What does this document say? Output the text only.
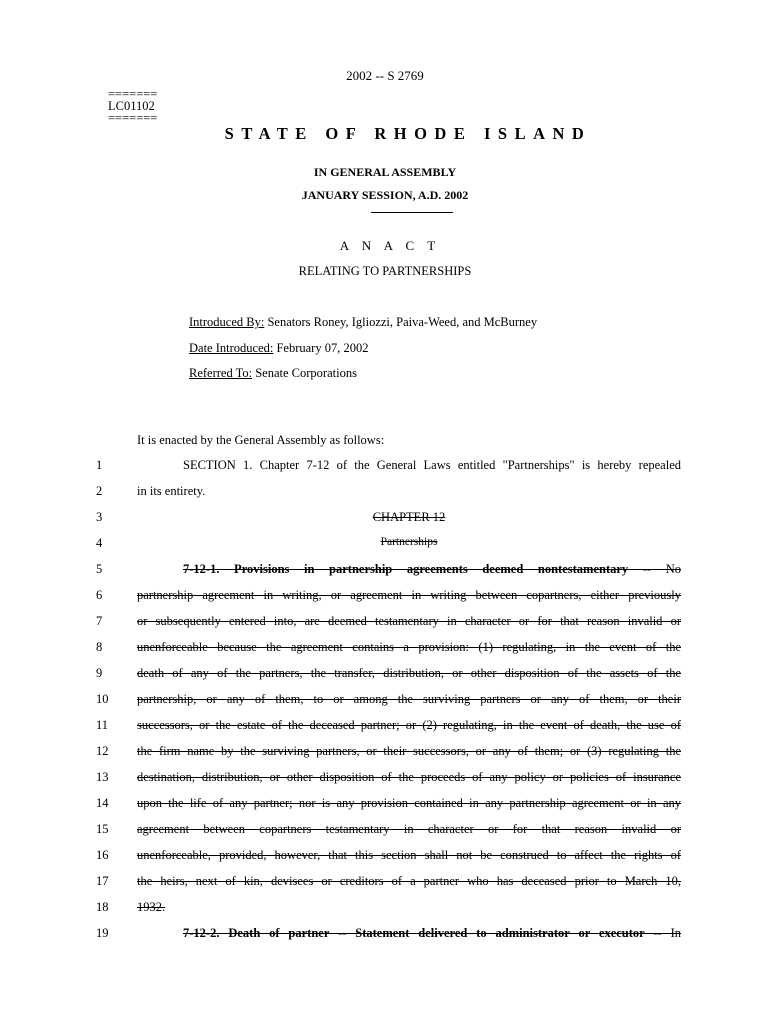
2002 -- S 2769
=======
LC01102
=======
STATE OF RHODE ISLAND
IN GENERAL ASSEMBLY
JANUARY SESSION, A.D. 2002
A N A C T
RELATING TO PARTNERSHIPS
Introduced By: Senators Roney, Igliozzi, Paiva-Weed, and McBurney
Date Introduced: February 07, 2002
Referred To: Senate Corporations
It is enacted by the General Assembly as follows:
1	SECTION 1. Chapter 7-12 of the General Laws entitled "Partnerships" is hereby repealed
2	in its entirety.
3	CHAPTER 12
4	Partnerships
5	7-12-1. Provisions in partnership agreements deemed nontestamentary -- No
6	partnership agreement in writing, or agreement in writing between copartners, either previously
7	or subsequently entered into, are deemed testamentary in character or for that reason invalid or
8	unenforceable because the agreement contains a provision: (1) regulating, in the event of the
9	death of any of the partners, the transfer, distribution, or other disposition of the assets of the
10	partnership, or any of them, to or among the surviving partners or any of them, or their
11	successors, or the estate of the deceased partner; or (2) regulating, in the event of death, the use of
12	the firm name by the surviving partners, or their successors, or any of them; or (3) regulating the
13	destination, distribution, or other disposition of the proceeds of any policy or policies of insurance
14	upon the life of any partner; nor is any provision contained in any partnership agreement or in any
15	agreement between copartners testamentary in character or for that reason invalid or
16	unenforceable, provided, however, that this section shall not be construed to affect the rights of
17	the heirs, next of kin, devisees or creditors of a partner who has deceased prior to March 10,
18	1932.
19	7-12-2. Death of partner -- Statement delivered to administrator or executor -- In
